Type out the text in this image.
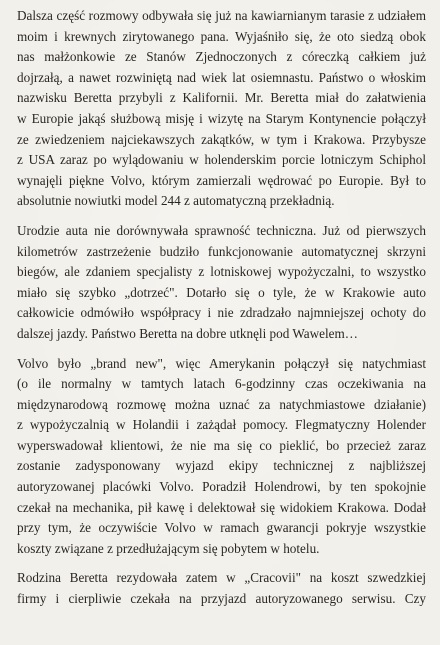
Dalsza część rozmowy odbywała się już na kawiarnianym tarasie z udziałem
moim i krewnych zirytowanego pana. Wyjaśniło się, że oto siedzą obok
nas małżonkowie ze Stanów Zjednoczonych z córeczką całkiem już
dojrzałą, a nawet rozwiniętą nad wiek lat osiemnastu. Państwo o włoskim
nazwisku Beretta przybyli z Kalifornii. Mr. Beretta miał do załatwienia
w Europie jakąś służbową misję i wizytę na Starym Kontynencie połączył
ze zwiedzeniem najciekawszych zakątków, w tym i Krakowa. Przybysze
z USA zaraz po wylądowaniu w holenderskim porcie lotniczym Schiphol
wynajęli piękne Volvo, którym zamierzali wędrować po Europie. Był to
absolutnie nowiutki model 244 z automatyczną przekładnią.
Urodzie auta nie dorównywała sprawność techniczna. Już od pierwszych
kilometrów zastrzeżenie budziło funkcjonowanie automatycznej skrzyni
biegów, ale zdaniem specjalisty z lotniskowej wypożyczalni, to wszystko
miało się szybko „dotrzeć". Dotarło się o tyle, że w Krakowie auto
całkowicie odmówiło współpracy i nie zdradzało najmniejszej ochoty do
dalszej jazdy. Państwo Beretta na dobre utknęli pod Wawelem…
Volvo było „brand new", więc Amerykanin połączył się natychmiast
(o ile normalny w tamtych latach 6-godzinny czas oczekiwania na
międzynarodową rozmowę można uznać za natychmiastowe działanie)
z wypożyczalnią w Holandii i zażądał pomocy. Flegmatyczny Holender
wyperswadował klientowi, że nie ma się co pieklić, bo przecież zaraz
zostanie zadysponowany wyjazd ekipy technicznej z najbliższej
autoryzowanej placówki Volvo. Poradził Holendrowi, by ten spokojnie
czekał na mechanika, pił kawę i delektował się widokiem Krakowa. Dodał
przy tym, że oczywiście Volvo w ramach gwarancji pokryje wszystkie
koszty związane z przedłużającym się pobytem w hotelu.
Rodzina Beretta rezydowała zatem w „Cracovii" na koszt szwedzkiej
firmy i cierpliwie czekała na przyjazd autoryzowanego serwisu. Czy
